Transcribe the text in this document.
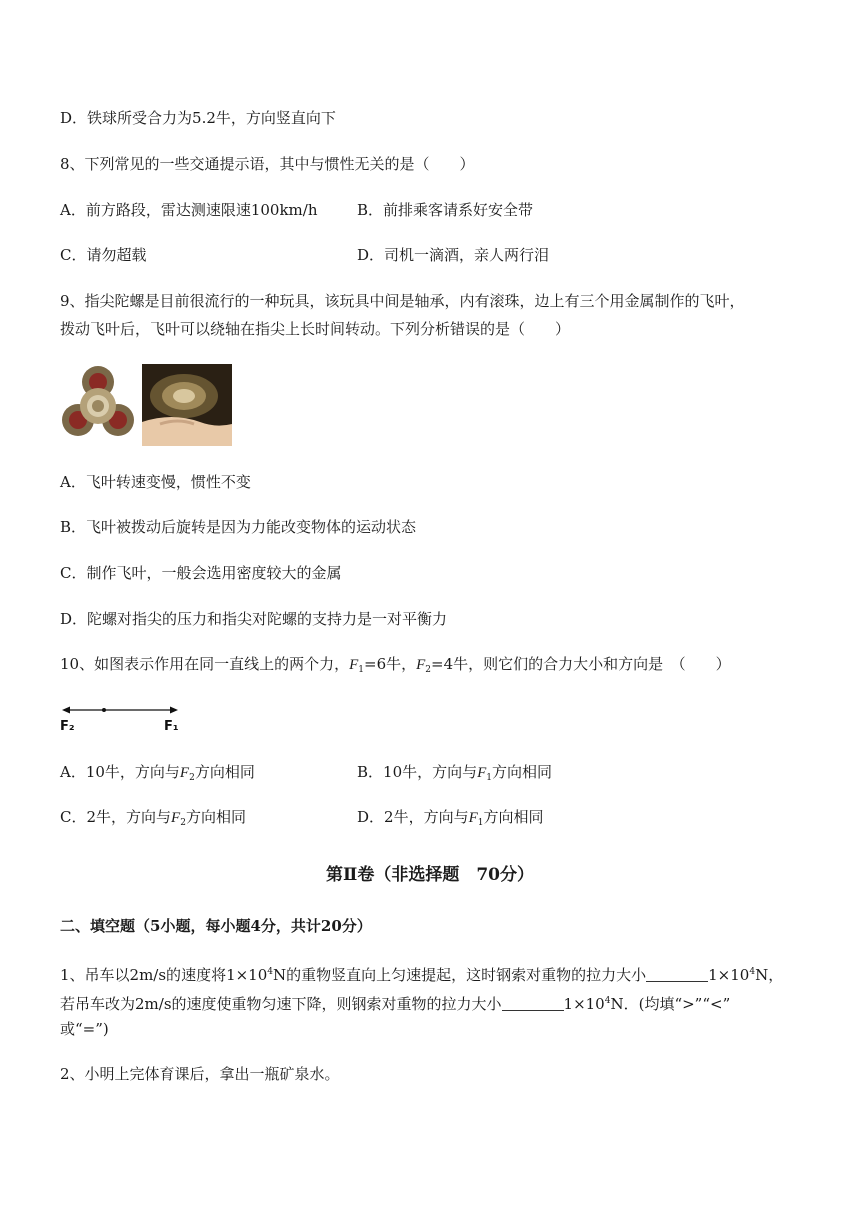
D．铁球所受合力为5.2牛，方向竖直向下
8、下列常见的一些交通提示语，其中与惯性无关的是（　　）
A．前方路段，雷达测速限速100km/h	B．前排乘客请系好安全带
C．请勿超载	D．司机一滴酒，亲人两行泪
9、指尖陀螺是目前很流行的一种玩具，该玩具中间是轴承，内有滚珠，边上有三个用金属制作的飞叶，
拨动飞叶后，飞叶可以绕轴在指尖上长时间转动。下列分析错误的是（　　）
A．飞叶转速变慢，惯性不变
B．飞叶被拨动后旋转是因为力能改变物体的运动状态
C．制作飞叶，一般会选用密度较大的金属
D．陀螺对指尖的压力和指尖对陀螺的支持力是一对平衡力
10、如图表示作用在同一直线上的两个力，$F_1=6$牛，$F_2=4$牛，则它们的合力大小和方向是　（　　）
F₂	F₁
A．10牛，方向与$F_2$方向相同	B．10牛，方向与$F_1$方向相同
C．2牛，方向与$F_2$方向相同	D．2牛，方向与$F_1$方向相同
第Ⅱ卷（非选择题　70分）
二、填空题（5小题，每小题4分，共计20分）
1、吊车以2m/s的速度将$1\times 10^4N$的重物竖直向上匀速提起，这时钢索对重物的拉力大小	$1\times 10^4N$，
若吊车改为2m/s的速度使重物匀速下降，则钢索对重物的拉力大小	$1\times 10^4N$．(均填“>”“<”
或“=”)
2、小明上完体育课后，拿出一瓶矿泉水。
